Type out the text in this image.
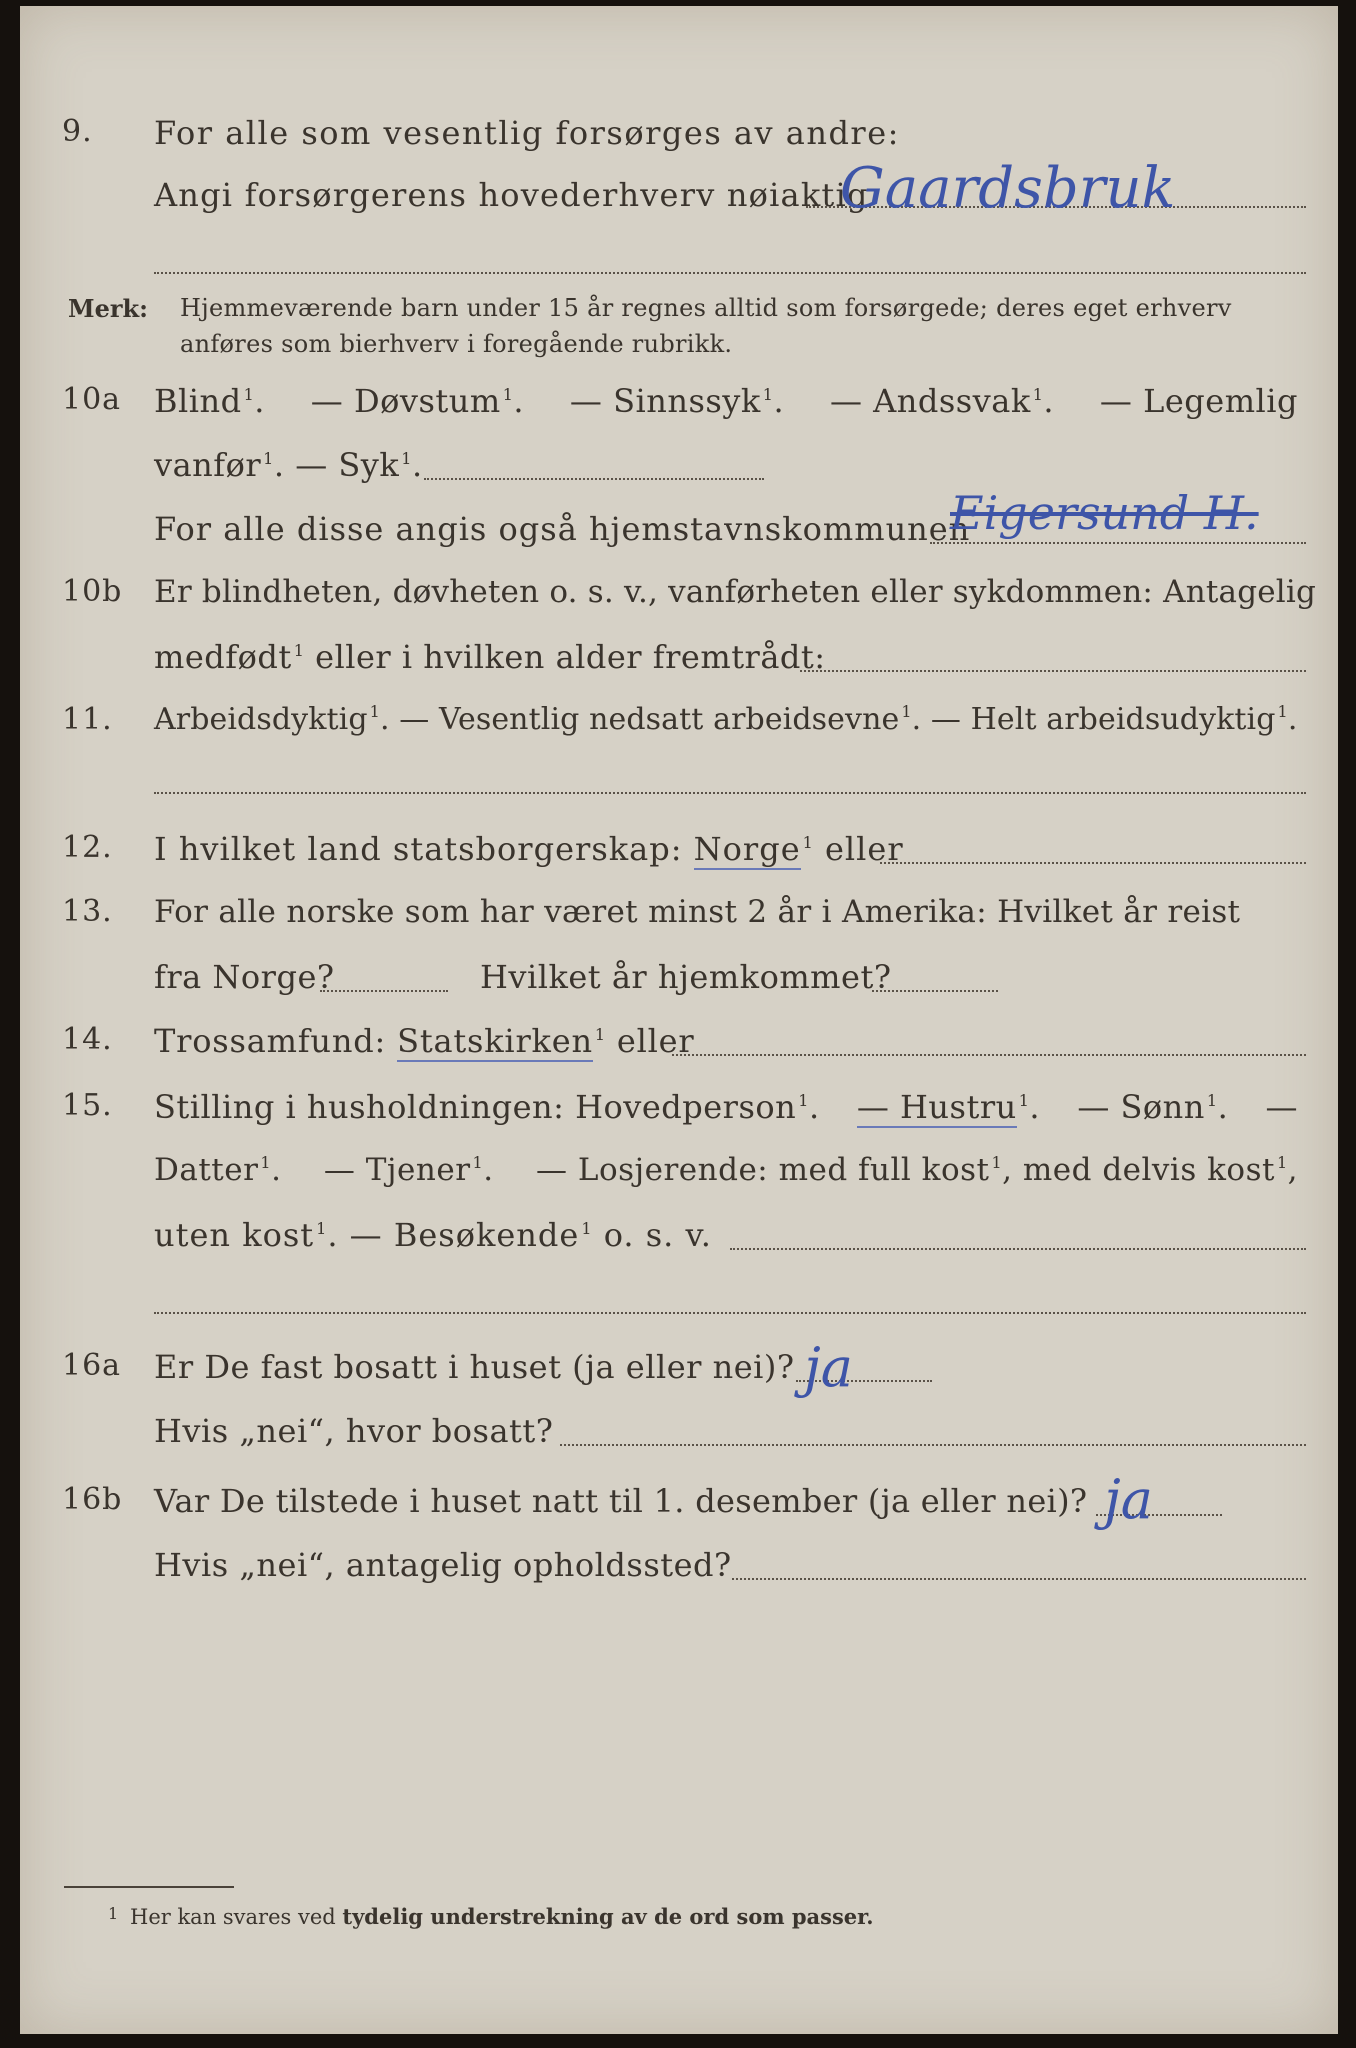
9. For alle som vesentlig forsørges av andre:
Angi forsørgerens hovederhverv nøiaktig
Gaardsbruk
Merk: Hjemmeværende barn under 15 år regnes alltid som forsørgede; deres eget erhverv
anføres som bierhverv i foregående rubrikk.
10a Blind $^1$. — Døvstum $^1$. — Sinnssyk $^1$. — Andssvak $^1$. — Legemlig
vanfør $^1$. — Syk $^1$.
For alle disse angis også hjemstavnskommunen
Eigersund H.
10b Er blindheten, døvheten o. s. v., vanførheten eller sykdommen: Antagelig
medfødt $^1$ eller i hvilken alder fremtrådt:
11. Arbeidsdyktig $^1$. — Vesentlig nedsatt arbeidsevne $^1$. — Helt arbeidsudyktig $^1$.
12. I hvilket land statsborgerskap: Norge $^1$ eller
13. For alle norske som har været minst 2 år i Amerika: Hvilket år reist
fra Norge?	Hvilket år hjemkommet?
14. Trossamfund: Statskirken $^1$ eller
15. Stilling i husholdningen: Hovedperson $^1$. — Hustru $^1$. — Sønn $^1$. —
Datter $^1$. — Tjener $^1$. — Losjerende: med full kost $^1$, med delvis kost $^1$,
uten kost $^1$. — Besøkende $^1$ o. s. v.
16a Er De fast bosatt i huset (ja eller nei)? ja
Hvis „nei“, hvor bosatt?
16b Var De tilstede i huset natt til 1. desember (ja eller nei)? ja
Hvis „nei“, antagelig opholdssted?
1 Her kan svares ved tydelig understrekning av de ord som passer.
